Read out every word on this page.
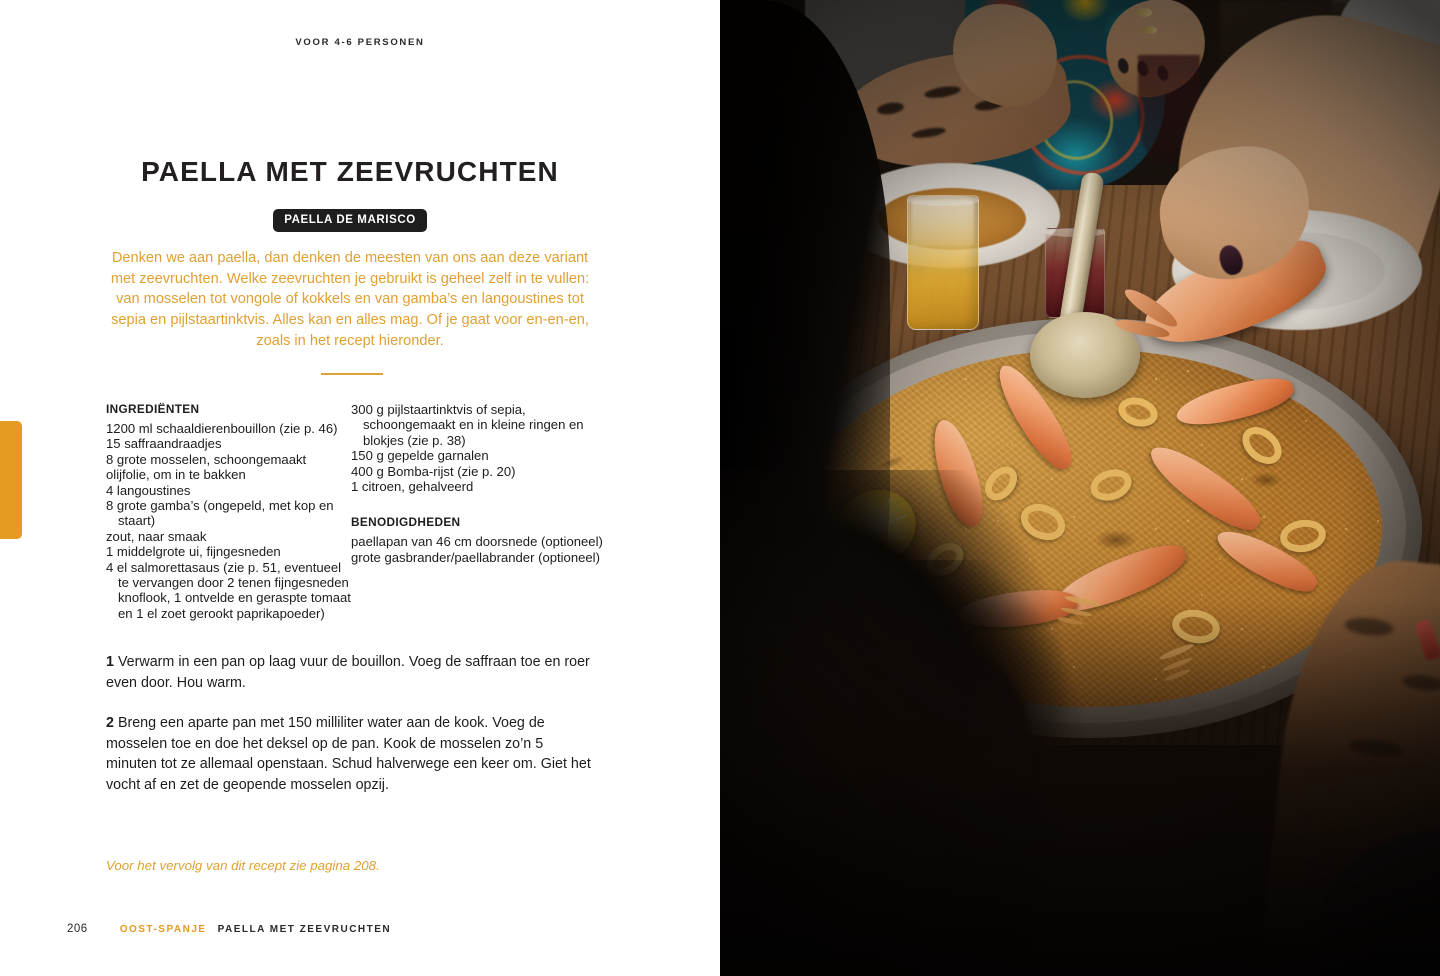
VOOR 4-6 PERSONEN
PAELLA MET ZEEVRUCHTEN
PAELLA DE MARISCO

Denken we aan paella, dan denken de meesten van ons aan deze variant met zeevruchten. Welke zeevruchten je gebruikt is geheel zelf in te vullen: van mosselen tot vongole of kokkels en van gamba’s en langoustines tot sepia en pijlstaartinktvis. Alles kan en alles mag. Of je gaat voor en-en-en, zoals in het recept hieronder.

INGREDIËNTEN
1200 ml schaaldierenbouillon (zie p. 46)
15 saffraandraadjes
8 grote mosselen, schoongemaakt
olijfolie, om in te bakken
4 langoustines
8 grote gamba’s (ongepeld, met kop en staart)
zout, naar smaak
1 middelgrote ui, fijngesneden
4 el salmorettasaus (zie p. 51, eventueel te vervangen door 2 tenen fijngesneden knoflook, 1 ontvelde en geraspte tomaat en 1 el zoet gerookt paprikapoeder)
300 g pijlstaartinktvis of sepia, schoongemaakt en in kleine ringen en blokjes (zie p. 38)
150 g gepelde garnalen
400 g Bomba-rijst (zie p. 20)
1 citroen, gehalveerd
BENODIGDHEDEN
paellapan van 46 cm doorsnede (optioneel)
grote gasbrander/paellabrander (optioneel)

1 Verwarm in een pan op laag vuur de bouillon. Voeg de saffraan toe en roer even door. Hou warm.

2 Breng een aparte pan met 150 milliliter water aan de kook. Voeg de mosselen toe en doe het deksel op de pan. Kook de mosselen zo’n 5 minuten tot ze allemaal openstaan. Schud halverwege een keer om. Giet het vocht af en zet de geopende mosselen opzij.

Voor het vervolg van dit recept zie pagina 208.
206	OOST-SPANJE PAELLA MET ZEEVRUCHTEN
